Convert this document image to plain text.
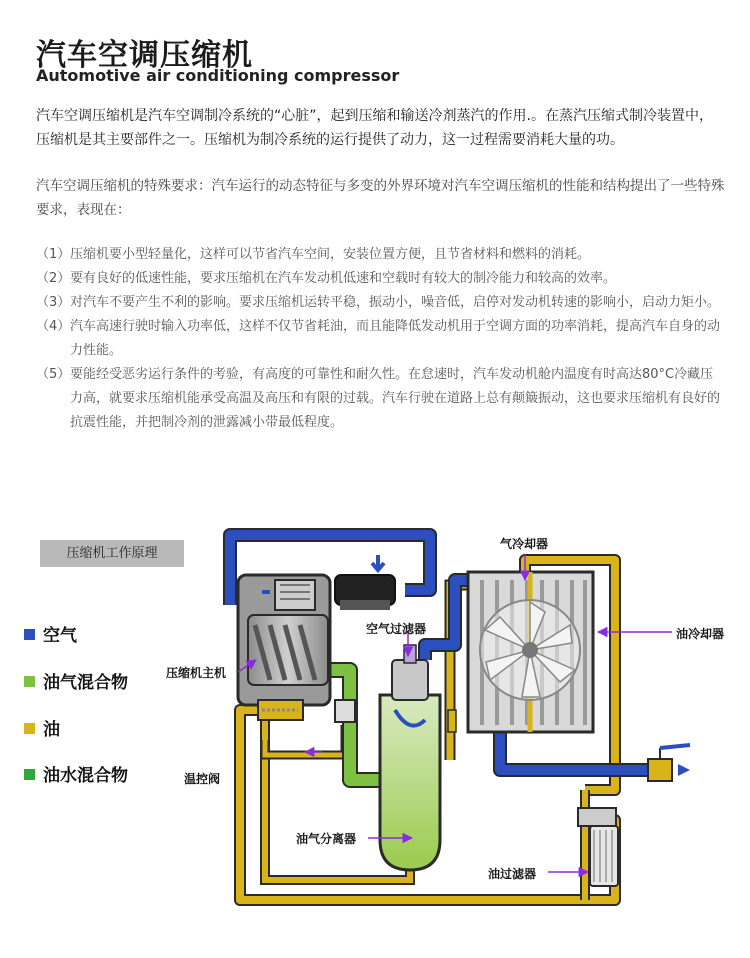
汽车空调压缩机
Automotive air conditioning compressor
汽车空调压缩机是汽车空调制冷系统的“心脏”，起到压缩和输送冷剂蒸汽的作用.。在蒸汽压缩式制冷装置中，压缩机是其主要部件之一。压缩机为制冷系统的运行提供了动力，这一过程需要消耗大量的功。
汽车空调压缩机的特殊要求：汽车运行的动态特征与多变的外界环境对汽车空调压缩机的性能和结构提出了一些特殊要求，表现在：
（1） 压缩机要小型轻量化，这样可以节省汽车空间，安装位置方便，且节省材料和燃料的消耗。
（2） 要有良好的低速性能，要求压缩机在汽车发动机低速和空载时有较大的制冷能力和较高的效率。
（3） 对汽车不要产生不利的影响。要求压缩机运转平稳，振动小，噪音低，启停对发动机转速的影响小，启动力矩小。
（4） 汽车高速行驶时输入功率低，这样不仅节省耗油，而且能降低发动机用于空调方面的功率消耗，提高汽车自身的动力性能。
（5） 要能经受恶劣运行条件的考验，有高度的可靠性和耐久性。在怠速时，汽车发动机舱内温度有时高达80°C冷藏压力高，就要求压缩机能承受高温及高压和有限的过载。汽车行驶在道路上总有颠簸振动，这也要求压缩机有良好的抗震性能，并把制冷剂的泄露减小带最低程度。
压缩机工作原理
空气
油气混合物
油
油水混合物
气冷却器
空气过滤器	油冷却器
压缩机主机
温控阀
油气分离器
油过滤器
